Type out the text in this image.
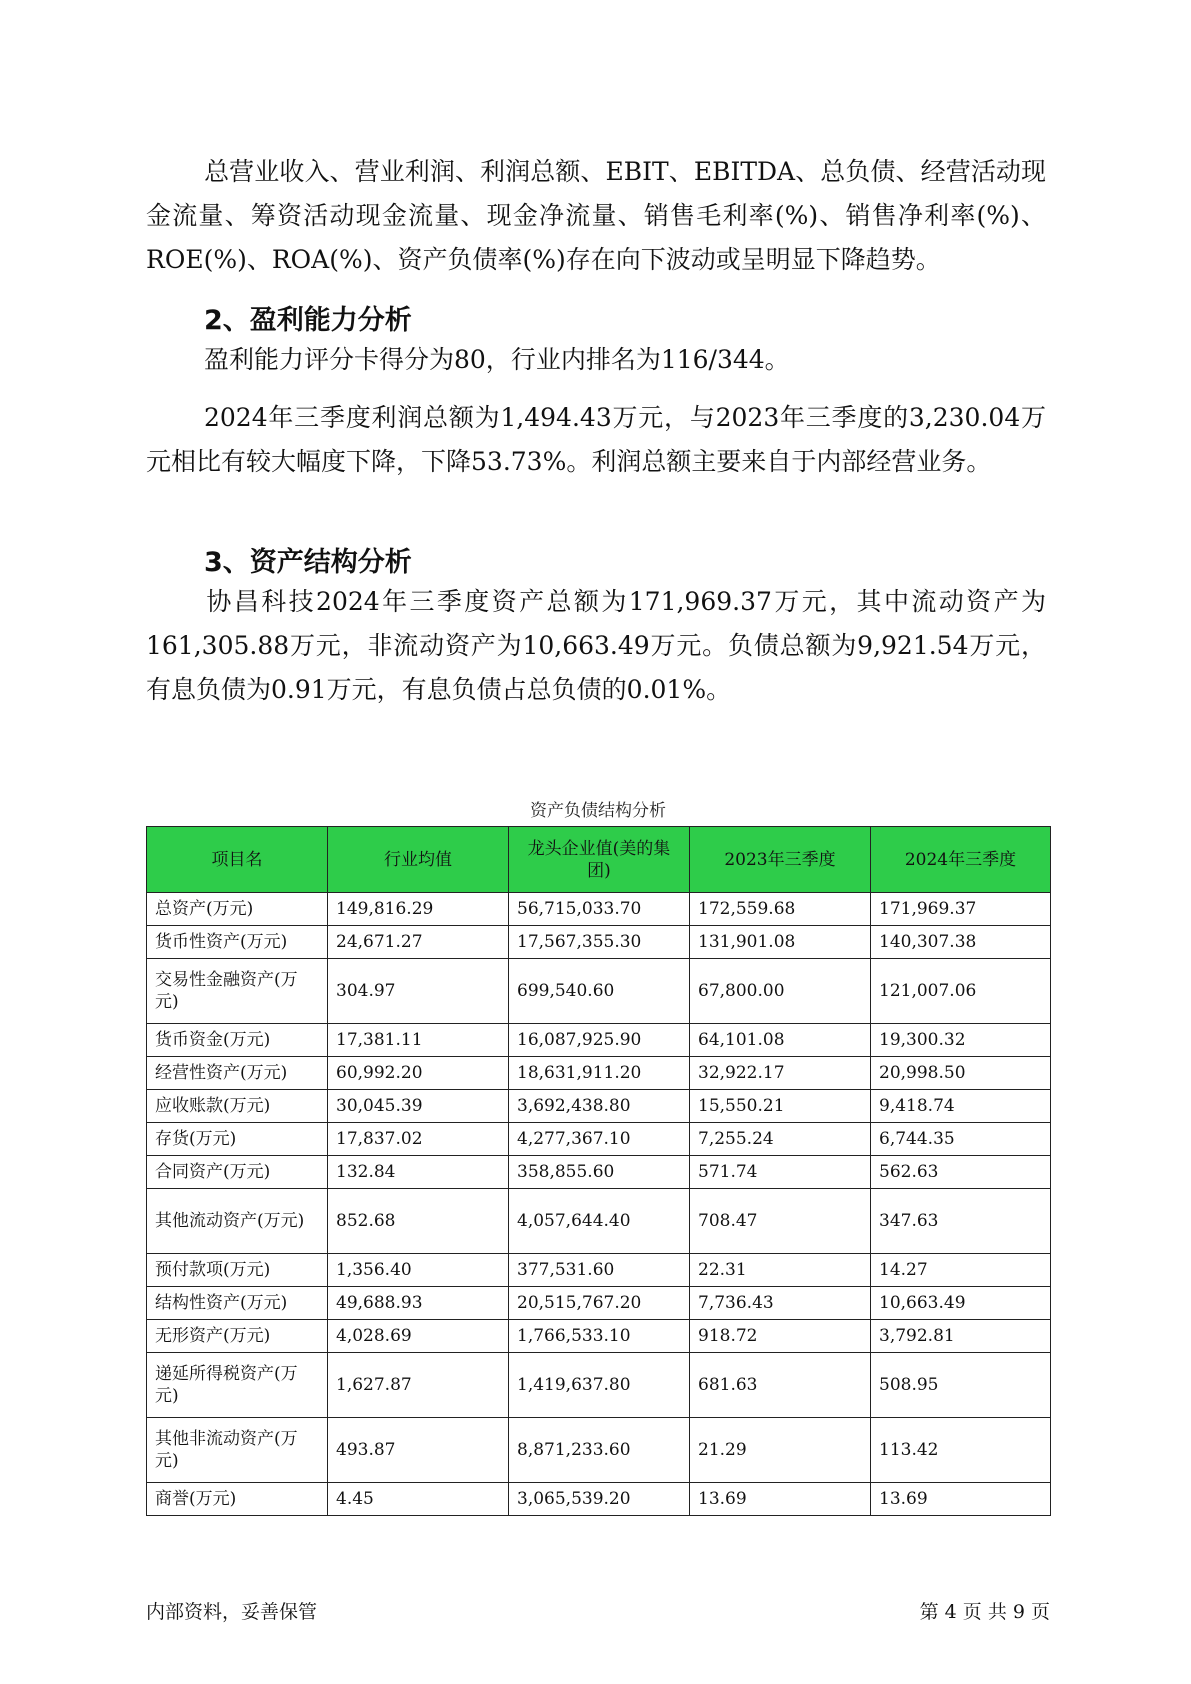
总营业收入、营业利润、利润总额、EBIT、EBITDA、总负债、经营活动现金流量、筹资活动现金流量、现金净流量、销售毛利率(%)、销售净利率(%)、ROE(%)、ROA(%)、资产负债率(%)存在向下波动或呈明显下降趋势。

2、盈利能力分析

盈利能力评分卡得分为80，行业内排名为116/344。

2024年三季度利润总额为1,494.43万元，与2023年三季度的3,230.04万元相比有较大幅度下降，下降53.73%。利润总额主要来自于内部经营业务。

3、资产结构分析

协昌科技2024年三季度资产总额为171,969.37万元，其中流动资产为161,305.88万元，非流动资产为10,663.49万元。负债总额为9,921.54万元，有息负债为0.91万元，有息负债占总负债的0.01%。

资产负债结构分析
项目名	行业均值	龙头企业值(美的集团)	2023年三季度	2024年三季度
总资产(万元)	149,816.29	56,715,033.70	172,559.68	171,969.37
货币性资产(万元)	24,671.27	17,567,355.30	131,901.08	140,307.38
交易性金融资产(万元)	304.97	699,540.60	67,800.00	121,007.06
货币资金(万元)	17,381.11	16,087,925.90	64,101.08	19,300.32
经营性资产(万元)	60,992.20	18,631,911.20	32,922.17	20,998.50
应收账款(万元)	30,045.39	3,692,438.80	15,550.21	9,418.74
存货(万元)	17,837.02	4,277,367.10	7,255.24	6,744.35
合同资产(万元)	132.84	358,855.60	571.74	562.63
其他流动资产(万元)	852.68	4,057,644.40	708.47	347.63
预付款项(万元)	1,356.40	377,531.60	22.31	14.27
结构性资产(万元)	49,688.93	20,515,767.20	7,736.43	10,663.49
无形资产(万元)	4,028.69	1,766,533.10	918.72	3,792.81
递延所得税资产(万元)	1,627.87	1,419,637.80	681.63	508.95
其他非流动资产(万元)	493.87	8,871,233.60	21.29	113.42
商誉(万元)	4.45	3,065,539.20	13.69	13.69
内部资料，妥善保管	第 4 页 共 9 页
